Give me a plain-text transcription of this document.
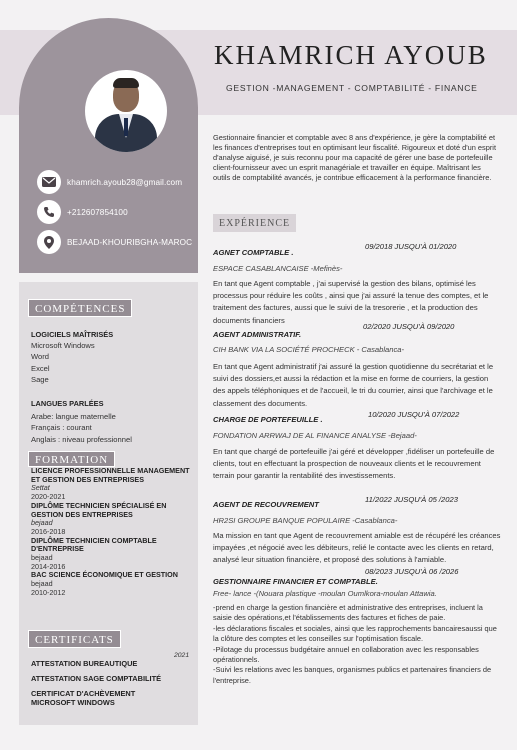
khamrich.ayoub28@gmail.com
+212607854100
BEJAAD-KHOURIBGHA-MAROC
COMPÉTENCES
LOGICIELS MAÎTRISÉS
Microsoft Windows
Word
Excel
Sage
LANGUES PARLÉES
Arabe: langue maternelle
Français : courant
Anglais : niveau professionnel
FORMATION
LICENCE PROFESSIONNELLE MANAGEMENT ET GESTION DES ENTREPRISES
Settat
2020-2021
DIPLÔME TECHNICIEN SPÉCIALISÉ EN GESTION DES ENTREPRISES
bejaad
2016-2018
DIPLÔME TECHNICIEN COMPTABLE D'ENTREPRISE
bejaad
2014-2016
BAC SCIENCE ÉCONOMIQUE ET GESTION
bejaad
2010-2012
CERTIFICATS
2021
ATTESTATION BUREAUTIQUE
ATTESTATION SAGE COMPTABILITÉ
CERTIFICAT D'ACHÈVEMENT MICROSOFT WINDOWS
KHAMRICH AYOUB
GESTION -MANAGEMENT - COMPTABILITÉ - FINANCE
Gestionnaire financier et comptable avec 8 ans d'expérience, je gère la comptabilité et les finances d'entreprises tout en optimisant leur fiscalité. Rigoureux et doté d'un esprit d'analyse aiguisé, je suis reconnu pour ma capacité de gérer une base de portefeuille client-fournisseur avec un esprit managériale et travailler en équipe. Maîtrisant les outils de comptabilité avancés, je contribue efficacement à la performance financière.
EXPÉRIENCE
AGNET COMPTABLE .
09/2018 JUSQU'À 01/2020
ESPACE CASABLANCAISE -Mefinès-
En tant que Agent comptable , j'ai supervisé la gestion des bilans, optimisé les processus pour réduire les coûts , ainsi que j'ai assuré la tenue des comptes, et le traitement des factures, aussi que le suivi de la tresorerie , et la production des documents financiers
AGENT ADMINISTRATIF.
02/2020 JUSQU'À 09/2020
CIH BANK VIA LA SOCIÉTÉ PROCHECK - Casablanca-
En tant que Agent administratif j'ai assuré la gestion quotidienne du secrétariat et le suivi des dossiers,et aussi la rédaction et la mise en forme de courriers, la gestion des appels téléphoniques et de l'accueil, le tri du courrier, ainsi que l'archivage et le classement des documents.
CHARGE DE PORTEFEUILLE .
10/2020 JUSQU'À 07/2022
FONDATION ARRWAJ DE AL FINANCE ANALYSE -Bejaad-
En tant que chargé de portefeuille j'ai géré et développer ,fidéliser un portefeuille de clients, tout en effectuant la prospection de nouveaux clients et le recouvrement terrain pour garantir la rentabilité des investissements.
AGENT DE RECOUVREMENT
11/2022 JUSQU'À 05 /2023
HR2SI GROUPE BANQUE POPULAIRE -Casablanca-
Ma mission en tant que Agent de recouvrement amiable est de récupéré les créances impayées ,et négocié avec les débiteurs, relié le contacte avec les clients en retard, analysé leur situation financière, et proposé des solutions à l'amiable.
08/2023 JUSQU'À 06 /2026
GESTIONNAIRE FINANCIER ET COMPTABLE.
Free- lance -(Nouara plastique -moulan Oumlkora-moulan Attawia.
-prend en charge la gestion financière et administrative des entreprises, incluent la saisie des opérations,et l'établissements des factures et fiches de paie.
-les déclarations fiscales et sociales, ainsi que les rapprochements bancairesaussi que la clôture des comptes et les conseilles sur l'optimisation fiscale.
-Pilotage du processus budgétaire annuel en collaboration avec les responsables opérationnels.
-Suivi les relations avec les banques, organismes publics et partenaires financiers de l'entreprise.
